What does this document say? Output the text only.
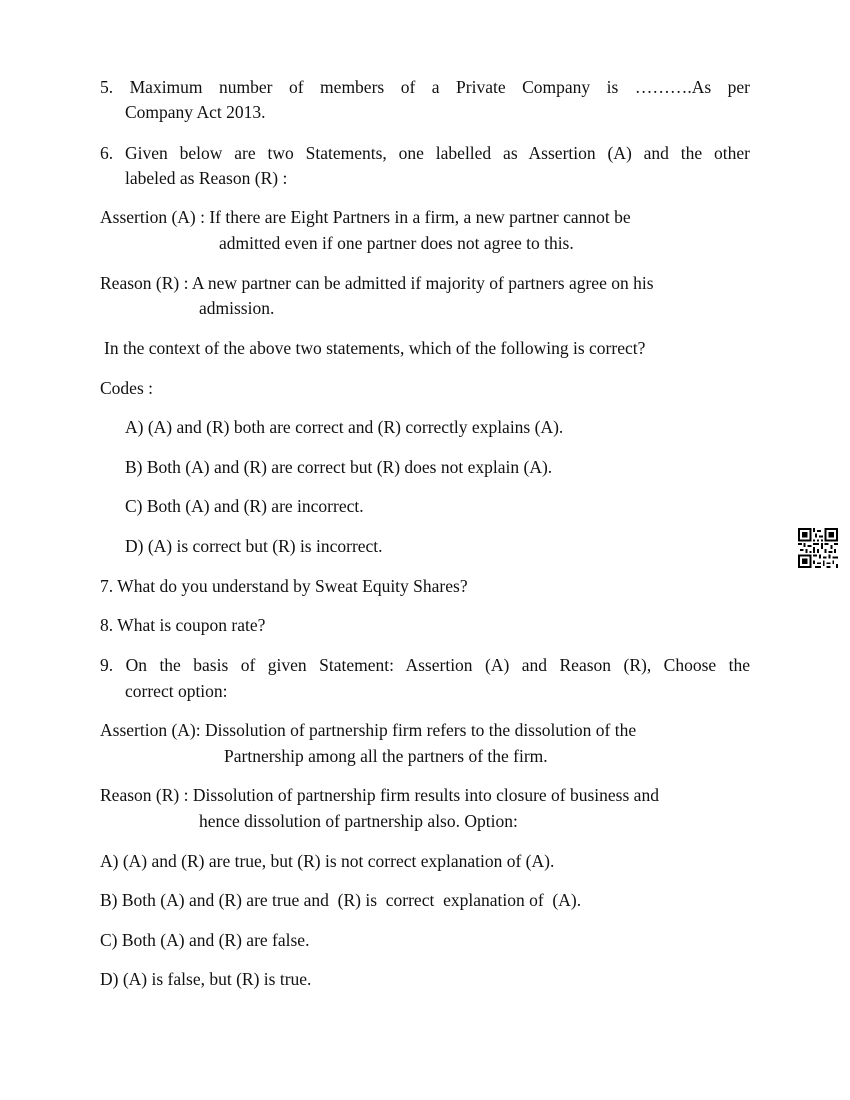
5. Maximum number of members of a Private Company is ……….As per
Company Act 2013.
6. Given below are two Statements, one labelled as Assertion (A) and the other
labeled as Reason (R) :
Assertion (A) : If there are Eight Partners in a firm, a new partner cannot be
admitted even if one partner does not agree to this.
Reason (R) : A new partner can be admitted if majority of partners agree on his
admission.
In the context of the above two statements, which of the following is correct?
Codes :
A) (A) and (R) both are correct and (R) correctly explains (A).
B) Both (A) and (R) are correct but (R) does not explain (A).
C) Both (A) and (R) are incorrect.
D) (A) is correct but (R) is incorrect.
7. What do you understand by Sweat Equity Shares?
8. What is coupon rate?
9. On the basis of given Statement: Assertion (A) and Reason (R), Choose the
correct option:
Assertion (A): Dissolution of partnership firm refers to the dissolution of the
Partnership among all the partners of the firm.
Reason (R) : Dissolution of partnership firm results into closure of business and
hence dissolution of partnership also. Option:
A) (A) and (R) are true, but (R) is not correct explanation of (A).
B) Both (A) and (R) are true and  (R) is  correct  explanation of  (A).
C) Both (A) and (R) are false.
D) (A) is false, but (R) is true.
